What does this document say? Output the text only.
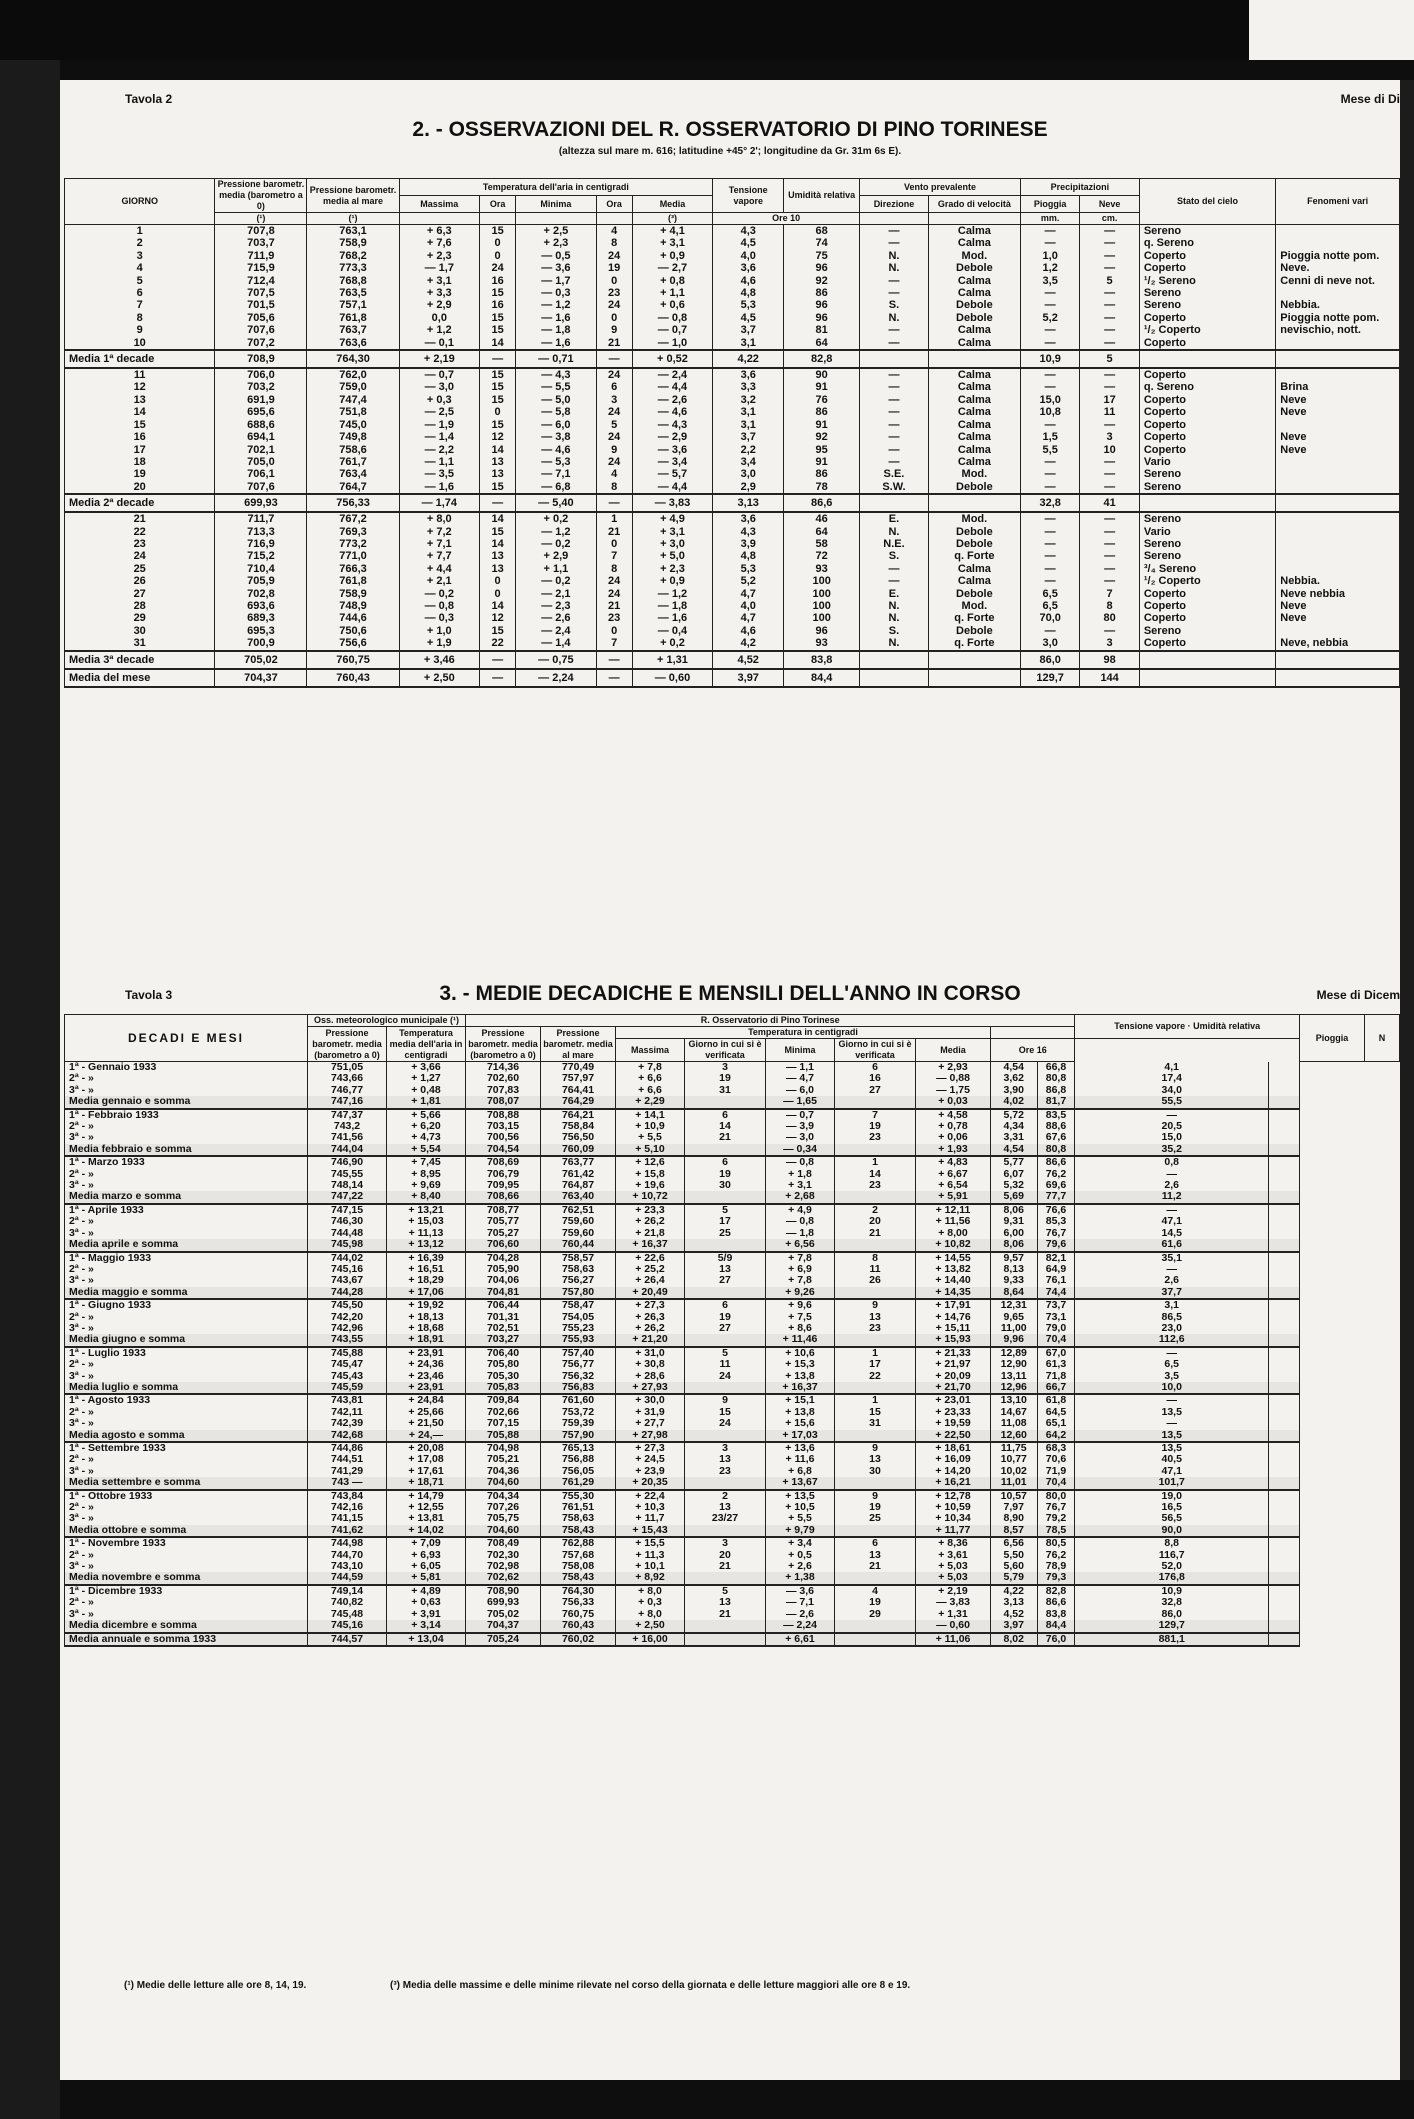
Tavola 2	Mese di Di
2. - OSSERVAZIONI DEL R. OSSERVATORIO DI PINO TORINESE
(altezza sul mare m. 616; latitudine +45° 2'; longitudine da Gr. 31m 6s E).
GIORNO	Pressione barometr. media (barometro a 0)	Pressione barometr. media al mare	Temperatura dell'aria in centigradi					Tensione vapore	Umidità relativa	Vento prevalente		Precipitazioni		Stato del cielo	Fenomeni vari
			Massima	Ora	Minima	Ora	Media			Direzione	Grado di velocità	Pioggia	Neve		
	(¹)	(¹)					(³)	Ore 10				mm.	cm.		
1	707,8	763,1	+ 6,3	15	+ 2,5	4	+ 4,1	4,3	68	—	Calma	—	—	Sereno	
2	703,7	758,9	+ 7,6	0	+ 2,3	8	+ 3,1	4,5	74	—	Calma	—	—	q. Sereno	
3	711,9	768,2	+ 2,3	0	— 0,5	24	+ 0,9	4,0	75	N.	Mod.	1,0	—	Coperto	Pioggia notte pom.
4	715,9	773,3	— 1,7	24	— 3,6	19	— 2,7	3,6	96	N.	Debole	1,2	—	Coperto	Neve.
5	712,4	768,8	+ 3,1	16	— 1,7	0	+ 0,8	4,6	92	—	Calma	3,5	5	¹/₂ Sereno	Cenni di neve not.
6	707,5	763,5	+ 3,3	15	— 0,3	23	+ 1,1	4,8	86	—	Calma	—	—	Sereno	
7	701,5	757,1	+ 2,9	16	— 1,2	24	+ 0,6	5,3	96	S.	Debole	—	—	Sereno	Nebbia.
8	705,6	761,8	0,0	15	— 1,6	0	— 0,8	4,5	96	N.	Debole	5,2	—	Coperto	Pioggia notte pom.
9	707,6	763,7	+ 1,2	15	— 1,8	9	— 0,7	3,7	81	—	Calma	—	—	¹/₂ Coperto	nevischio, nott.
10	707,2	763,6	— 0,1	14	— 1,6	21	— 1,0	3,1	64	—	Calma	—	—	Coperto	
Media 1ª decade	708,9	764,30	+ 2,19	—	— 0,71	—	+ 0,52	4,22	82,8			10,9	5		
11	706,0	762,0	— 0,7	15	— 4,3	24	— 2,4	3,6	90	—	Calma	—	—	Coperto	
12	703,2	759,0	— 3,0	15	— 5,5	6	— 4,4	3,3	91	—	Calma	—	—	q. Sereno	Brina
13	691,9	747,4	+ 0,3	15	— 5,0	3	— 2,6	3,2	76	—	Calma	15,0	17	Coperto	Neve
14	695,6	751,8	— 2,5	0	— 5,8	24	— 4,6	3,1	86	—	Calma	10,8	11	Coperto	Neve
15	688,6	745,0	— 1,9	15	— 6,0	5	— 4,3	3,1	91	—	Calma	—	—	Coperto	
16	694,1	749,8	— 1,4	12	— 3,8	24	— 2,9	3,7	92	—	Calma	1,5	3	Coperto	Neve
17	702,1	758,6	— 2,2	14	— 4,6	9	— 3,6	2,2	95	—	Calma	5,5	10	Coperto	Neve
18	705,0	761,7	— 1,1	13	— 5,3	24	— 3,4	3,4	91	—	Calma	—	—	Vario	
19	706,1	763,4	— 3,5	13	— 7,1	4	— 5,7	3,0	86	S.E.	Mod.	—	—	Sereno	
20	707,6	764,7	— 1,6	15	— 6,8	8	— 4,4	2,9	78	S.W.	Debole	—	—	Sereno	
Media 2ª decade	699,93	756,33	— 1,74	—	— 5,40	—	— 3,83	3,13	86,6			32,8	41		
21	711,7	767,2	+ 8,0	14	+ 0,2	1	+ 4,9	3,6	46	E.	Mod.	—	—	Sereno	
22	713,3	769,3	+ 7,2	15	— 1,2	21	+ 3,1	4,3	64	N.	Debole	—	—	Vario	
23	716,9	773,2	+ 7,1	14	— 0,2	0	+ 3,0	3,9	58	N.E.	Debole	—	—	Sereno	
24	715,2	771,0	+ 7,7	13	+ 2,9	7	+ 5,0	4,8	72	S.	q. Forte	—	—	Sereno	
25	710,4	766,3	+ 4,4	13	+ 1,1	8	+ 2,3	5,3	93	—	Calma	—	—	³/₄ Sereno	
26	705,9	761,8	+ 2,1	0	— 0,2	24	+ 0,9	5,2	100	—	Calma	—	—	¹/₂ Coperto	Nebbia.
27	702,8	758,9	— 0,2	0	— 2,1	24	— 1,2	4,7	100	E.	Debole	6,5	7	Coperto	Neve nebbia
28	693,6	748,9	— 0,8	14	— 2,3	21	— 1,8	4,0	100	N.	Mod.	6,5	8	Coperto	Neve
29	689,3	744,6	— 0,3	12	— 2,6	23	— 1,6	4,7	100	N.	q. Forte	70,0	80	Coperto	Neve
30	695,3	750,6	+ 1,0	15	— 2,4	0	— 0,4	4,6	96	S.	Debole	—	—	Sereno	
31	700,9	756,6	+ 1,9	22	— 1,4	7	+ 0,2	4,2	93	N.	q. Forte	3,0	3	Coperto	Neve, nebbia
Media 3ª decade	705,02	760,75	+ 3,46	—	— 0,75	—	+ 1,31	4,52	83,8			86,0	98		
Media del mese	704,37	760,43	+ 2,50	—	— 2,24	—	— 0,60	3,97	84,4			129,7	144		
Tavola 3	3. - MEDIE DECADICHE E MENSILI DELL'ANNO IN CORSO	Mese di Dicem
DECADI E MESI	Oss. meteorologico municipale (¹)		R. Osservatorio di Pino Torinese									Tensione vapore · Umidità relativa		Pioggia	N
	Pressione barometr. media (barometro a 0)	Temperatura media dell'aria in centigradi	Pressione barometr. media (barometro a 0)	Pressione barometr. media al mare	Temperatura in centigradi										
					Massima	Giorno in cui si è verificata	Minima	Giorno in cui si è verificata	Media	Ore 16					
1ª - Gennaio 1933	751,05	+ 3,66	714,36	770,49	+ 7,8	3	— 1,1	6	+ 2,93	4,54	66,8	4,1			
2ª - »	743,66	+ 1,27	702,60	757,97	+ 6,6	19	— 4,7	16	— 0,88	3,62	80,8	17,4			
3ª - »	746,77	+ 0,48	707,83	764,41	+ 6,6	31	— 6,0	27	— 1,75	3,90	86,8	34,0			
Media gennaio e somma	747,16	+ 1,81	708,07	764,29	+ 2,29		— 1,65		+ 0,03	4,02	81,7	55,5			
1ª - Febbraio 1933	747,37	+ 5,66	708,88	764,21	+ 14,1	6	— 0,7	7	+ 4,58	5,72	83,5	—			
2ª - »	743,2	+ 6,20	703,15	758,84	+ 10,9	14	— 3,9	19	+ 0,78	4,34	88,6	20,5			
3ª - »	741,56	+ 4,73	700,56	756,50	+ 5,5	21	— 3,0	23	+ 0,06	3,31	67,6	15,0			
Media febbraio e somma	744,04	+ 5,54	704,54	760,09	+ 5,10		— 0,34		+ 1,93	4,54	80,8	35,2			
1ª - Marzo 1933	746,90	+ 7,45	708,69	763,77	+ 12,6	6	— 0,8	1	+ 4,83	5,77	86,6	0,8			
2ª - »	745,55	+ 8,95	706,79	761,42	+ 15,8	19	+ 1,8	14	+ 6,67	6,07	76,2	—			
3ª - »	748,14	+ 9,69	709,95	764,87	+ 19,6	30	+ 3,1	23	+ 6,54	5,32	69,6	2,6			
Media marzo e somma	747,22	+ 8,40	708,66	763,40	+ 10,72		+ 2,68		+ 5,91	5,69	77,7	11,2			
1ª - Aprile 1933	747,15	+ 13,21	708,77	762,51	+ 23,3	5	+ 4,9	2	+ 12,11	8,06	76,6	—			
2ª - »	746,30	+ 15,03	705,77	759,60	+ 26,2	17	— 0,8	20	+ 11,56	9,31	85,3	47,1			
3ª - »	744,48	+ 11,13	705,27	759,60	+ 21,8	25	— 1,8	21	+ 8,00	6,00	76,7	14,5			
Media aprile e somma	745,98	+ 13,12	706,60	760,44	+ 16,37		+ 6,56		+ 10,82	8,06	79,6	61,6			
1ª - Maggio 1933	744,02	+ 16,39	704,28	758,57	+ 22,6	5/9	+ 7,8	8	+ 14,55	9,57	82,1	35,1			
2ª - »	745,16	+ 16,51	705,90	758,63	+ 25,2	13	+ 6,9	11	+ 13,82	8,13	64,9	—			
3ª - »	743,67	+ 18,29	704,06	756,27	+ 26,4	27	+ 7,8	26	+ 14,40	9,33	76,1	2,6			
Media maggio e somma	744,28	+ 17,06	704,81	757,80	+ 20,49		+ 9,26		+ 14,35	8,64	74,4	37,7			
1ª - Giugno 1933	745,50	+ 19,92	706,44	758,47	+ 27,3	6	+ 9,6	9	+ 17,91	12,31	73,7	3,1			
2ª - »	742,20	+ 18,13	701,31	754,05	+ 26,3	19	+ 7,5	13	+ 14,76	9,65	73,1	86,5			
3ª - »	742,96	+ 18,68	702,51	755,23	+ 26,2	27	+ 8,6	23	+ 15,11	11,00	79,0	23,0			
Media giugno e somma	743,55	+ 18,91	703,27	755,93	+ 21,20		+ 11,46		+ 15,93	9,96	70,4	112,6			
1ª - Luglio 1933	745,88	+ 23,91	706,40	757,40	+ 31,0	5	+ 10,6	1	+ 21,33	12,89	67,0	—			
2ª - »	745,47	+ 24,36	705,80	756,77	+ 30,8	11	+ 15,3	17	+ 21,97	12,90	61,3	6,5			
3ª - »	745,43	+ 23,46	705,30	756,32	+ 28,6	24	+ 13,8	22	+ 20,09	13,11	71,8	3,5			
Media luglio e somma	745,59	+ 23,91	705,83	756,83	+ 27,93		+ 16,37		+ 21,70	12,96	66,7	10,0			
1ª - Agosto 1933	743,81	+ 24,84	709,84	761,60	+ 30,0	9	+ 15,1	1	+ 23,01	13,10	61,8	—			
2ª - »	742,11	+ 25,66	702,66	753,72	+ 31,9	15	+ 13,8	15	+ 23,33	14,67	64,5	13,5			
3ª - »	742,39	+ 21,50	707,15	759,39	+ 27,7	24	+ 15,6	31	+ 19,59	11,08	65,1	—			
Media agosto e somma	742,68	+ 24,—	705,88	757,90	+ 27,98		+ 17,03		+ 22,50	12,60	64,2	13,5			
1ª - Settembre 1933	744,86	+ 20,08	704,98	765,13	+ 27,3	3	+ 13,6	9	+ 18,61	11,75	68,3	13,5			
2ª - »	744,51	+ 17,08	705,21	756,88	+ 24,5	13	+ 11,6	13	+ 16,09	10,77	70,6	40,5			
3ª - »	741,29	+ 17,61	704,36	756,05	+ 23,9	23	+ 6,8	30	+ 14,20	10,02	71,9	47,1			
Media settembre e somma	743 —	+ 18,71	704,60	761,29	+ 20,35		+ 13,67		+ 16,21	11,01	70,4	101,7			
1ª - Ottobre 1933	743,84	+ 14,79	704,34	755,30	+ 22,4	2	+ 13,5	9	+ 12,78	10,57	80,0	19,0			
2ª - »	742,16	+ 12,55	707,26	761,51	+ 10,3	13	+ 10,5	19	+ 10,59	7,97	76,7	16,5			
3ª - »	741,15	+ 13,81	705,75	758,63	+ 11,7	23/27	+ 5,5	25	+ 10,34	8,90	79,2	56,5			
Media ottobre e somma	741,62	+ 14,02	704,60	758,43	+ 15,43		+ 9,79		+ 11,77	8,57	78,5	90,0			
1ª - Novembre 1933	744,98	+ 7,09	708,49	762,88	+ 15,5	3	+ 3,4	6	+ 8,36	6,56	80,5	8,8			
2ª - »	744,70	+ 6,93	702,30	757,68	+ 11,3	20	+ 0,5	13	+ 3,61	5,50	76,2	116,7			
3ª - »	743,10	+ 6,05	702,98	758,08	+ 10,1	21	+ 2,6	21	+ 5,03	5,60	78,9	52,0			
Media novembre e somma	744,59	+ 5,81	702,62	758,43	+ 8,92		+ 1,38		+ 5,03	5,79	79,3	176,8			
1ª - Dicembre 1933	749,14	+ 4,89	708,90	764,30	+ 8,0	5	— 3,6	4	+ 2,19	4,22	82,8	10,9			
2ª - »	740,82	+ 0,63	699,93	756,33	+ 0,3	13	— 7,1	19	— 3,83	3,13	86,6	32,8			
3ª - »	745,48	+ 3,91	705,02	760,75	+ 8,0	21	— 2,6	29	+ 1,31	4,52	83,8	86,0			
Media dicembre e somma	745,16	+ 3,14	704,37	760,43	+ 2,50		— 2,24		— 0,60	3,97	84,4	129,7			
Media annuale e somma 1933	744,57	+ 13,04	705,24	760,02	+ 16,00		+ 6,61		+ 11,06	8,02	76,0	881,1			
(¹) Medie delle letture alle ore 8, 14, 19.	(³) Media delle massime e delle minime rilevate nel corso della giornata e delle letture maggiori alle ore 8 e 19.
